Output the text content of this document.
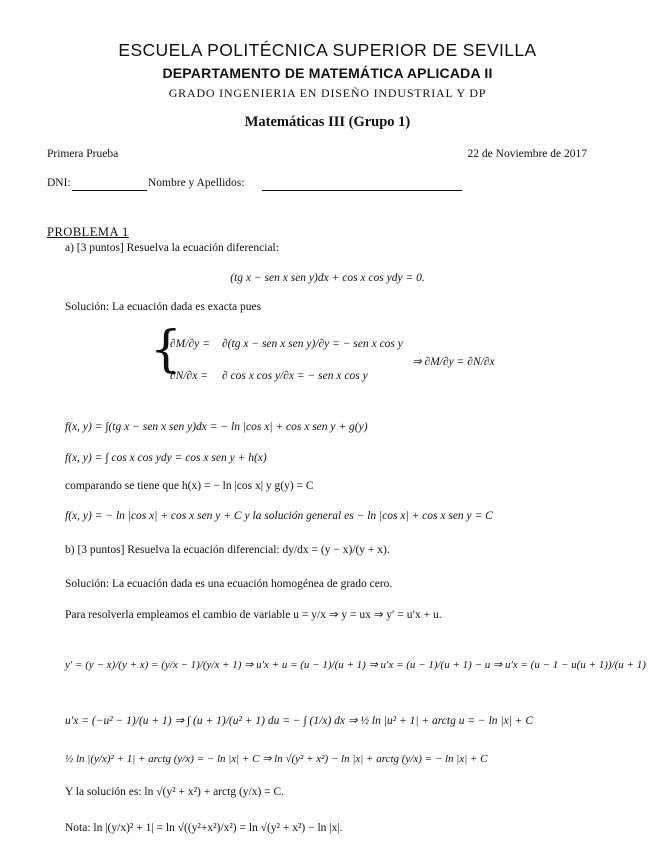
ESCUELA POLITÉCNICA SUPERIOR DE SEVILLA
DEPARTAMENTO DE MATEMÁTICA APLICADA II
GRADO INGENIERIA EN DISEÑO INDUSTRIAL Y DP
Matemáticas III (Grupo 1)
Primera Prueba	22 de Noviembre de 2017
DNI:	Nombre y Apellidos:
PROBLEMA 1
a) [3 puntos] Resuelva la ecuación diferencial:
(tg x − sen x sen y)dx + cos x cos ydy = 0.
Solución: La ecuación dada es exacta pues
{
∂M/∂y = ∂(tg x − sen x sen y)/∂y = − sen x cos y
∂N/∂x = ∂ cos x cos y/∂x = − sen x cos y
⇒ ∂M/∂y = ∂N/∂x
f(x, y) = ∫(tg x − sen x sen y)dx = − ln |cos x| + cos x sen y + g(y)
f(x, y) = ∫ cos x cos ydy = cos x sen y + h(x)
comparando se tiene que h(x) = − ln |cos x| y g(y) = C
f(x, y) = − ln |cos x| + cos x sen y + C y la solución general es − ln |cos x| + cos x sen y = C
b) [3 puntos] Resuelva la ecuación diferencial: dy/dx = (y − x)/(y + x).
Solución: La ecuación dada es una ecuación homogénea de grado cero.
Para resolverla empleamos el cambio de variable u = y/x ⇒ y = ux ⇒ y′ = u′x + u.
y′ = (y − x)/(y + x) = (y/x − 1)/(y/x + 1) ⇒ u′x + u = (u − 1)/(u + 1) ⇒ u′x = (u − 1)/(u + 1) − u ⇒ u′x = (u − 1 − u(u + 1))/(u + 1)
u′x = (−u² − 1)/(u + 1) ⇒ ∫ (u + 1)/(u² + 1) du = − ∫ (1/x) dx ⇒ ½ ln |u² + 1| + arctg u = − ln |x| + C
½ ln |(y/x)² + 1| + arctg (y/x) = − ln |x| + C ⇒ ln √(y² + x²) − ln |x| + arctg (y/x) = − ln |x| + C
Y la solución es: ln √(y² + x²) + arctg (y/x) = C.
Nota: ln |(y/x)² + 1| = ln √((y²+x²)/x²) = ln √(y² + x²) − ln |x|.
